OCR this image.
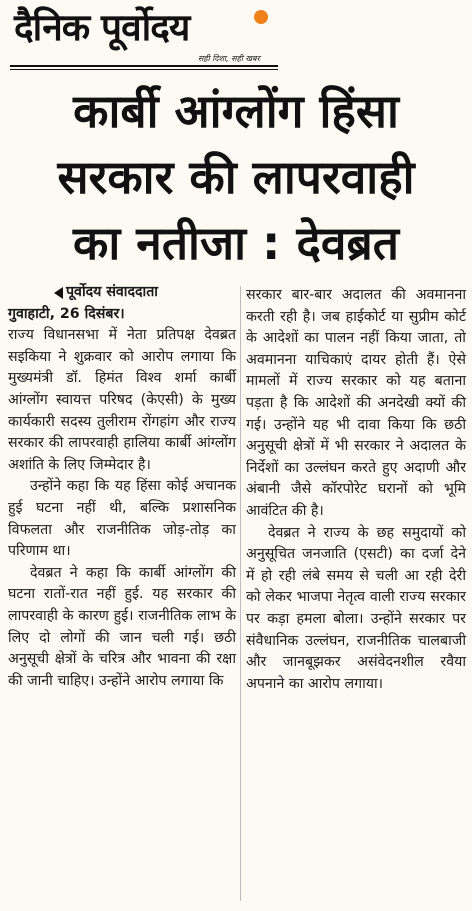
दैनिक पूर्वोदय
सही दिशा, सही खबर
कार्बी आंग्लोंग हिंसा
सरकार की लापरवाही
का नतीजा : देवब्रत
पूर्वोदय संवाददाता
गुवाहाटी, 26 दिसंबर।

राज्य विधानसभा में नेता प्रतिपक्ष देवब्रत सइकिया ने शुक्रवार को आरोप लगाया कि मुख्यमंत्री डॉ. हिमंत विश्व शर्मा कार्बी आंग्लोंग स्वायत्त परिषद (केएसी) के मुख्य कार्यकारी सदस्य तुलीराम रोंगहांग और राज्य सरकार की लापरवाही हालिया कार्बी आंग्लोंग अशांति के लिए जिम्मेदार है।

उन्होंने कहा कि यह हिंसा कोई अचानक हुई घटना नहीं थी, बल्कि प्रशासनिक विफलता और राजनीतिक जोड़-तोड़ का परिणाम था।

देवब्रत ने कहा कि कार्बी आंग्लोंग की घटना रातों-रात नहीं हुई. यह सरकार की लापरवाही के कारण हुई। राजनीतिक लाभ के लिए दो लोगों की जान चली गई। छठी अनुसूची क्षेत्रों के चरित्र और भावना की रक्षा की जानी चाहिए। उन्होंने आरोप लगाया कि

सरकार बार-बार अदालत की अवमानना करती रही है। जब हाईकोर्ट या सुप्रीम कोर्ट के आदेशों का पालन नहीं किया जाता, तो अवमानना याचिकाएं दायर होती हैं। ऐसे मामलों में राज्य सरकार को यह बताना पड़ता है कि आदेशों की अनदेखी क्यों की गई। उन्होंने यह भी दावा किया कि छठी अनुसूची क्षेत्रों में भी सरकार ने अदालत के निर्देशों का उल्लंघन करते हुए अदाणी और अंबानी जैसे कॉरपोरेट घरानों को भूमि आवंटित की है।

देवब्रत ने राज्य के छह समुदायों को अनुसूचित जनजाति (एसटी) का दर्जा देने में हो रही लंबे समय से चली आ रही देरी को लेकर भाजपा नेतृत्व वाली राज्य सरकार पर कड़ा हमला बोला। उन्होंने सरकार पर संवैधानिक उल्लंघन, राजनीतिक चालबाजी और जानबूझकर असंवेदनशील रवैया अपनाने का आरोप लगाया।
